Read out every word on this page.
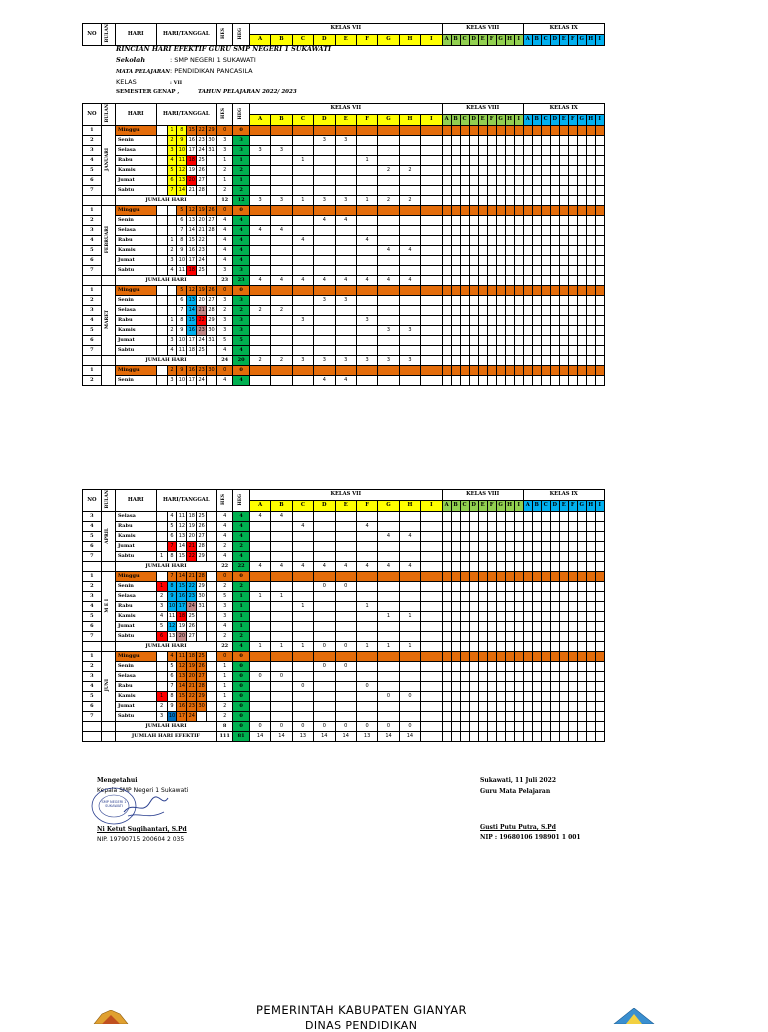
NO	BULAN	HARI	HARI/TANGGAL	HES	HEG	KELAS VII									KELAS VIII									KELAS IX								
						A	B	C	D	E	F	G	H	I	A	B	C	D	E	F	G	H	I	A	B	C	D	E	F	G	H	I
RINCIAN HARI EFEKTIF GURU SMP NEGERI 1 SUKAWATI
Sekolah	: SMP NEGERI 1 SUKAWATI
MATA PELAJARAN: PENDIDIKAN PANCASILA
KELAS	: VII
SEMESTER GENAP ,	TAHUN PELAJARAN 2022/ 2023
NO	BULAN	HARI	HARI/TANGGAL						HES	HEG	KELAS VII									KELAS VIII									KELAS IX								
											A	B	C	D	E	F	G	H	I	A	B	C	D	E	F	G	H	I	A	B	C	D	E	F	G	H	I
1	JANUARI	Minggu		1	8	15	22	29	0	0																											
2		Senin		2	9	16	23	30	3	3				3	3																						
3		Selasa		3	10	17	24	31	3	3	3	3																									
4		Rabu		4	11	18	25		1	1			1			1																					
5		Kamis		5	12	19	26		2	2							2	2																			
6		Jumat		6	13	20	27		1	1																											
7		Sabtu		7	14	21	28		2	2																											
		JUMLAH HARI							12	12	3	3	1	3	3	1	2	2																			
1	FEBRUARI	Minggu			5	12	19	26	0	0																											
2		Senin			6	13	20	27	4	4				4	4																						
3		Selasa			7	14	21	28	4	4	4	4																									
4		Rabu		1	8	15	22		4	4			4			4																					
5		Kamis		2	9	16	23		4	4							4	4																			
6		Jumat		3	10	17	24		4	4																											
7		Sabtu		4	11	18	25		3	3																											
		JUMLAH HARI							23	23	4	4	4	4	4	4	4	4																			
1	MARET	Minggu			5	12	19	26	0	0																											
2		Senin			6	13	20	27	3	3				3	3																						
3		Selasa			7	14	21	28	2	2	2	2																									
4		Rabu		1	8	15	22	29	3	3			3			3																					
5		Kamis		2	9	16	23	30	3	3							3	3																			
6		Jumat		3	10	17	24	31	5	5																											
7		Sabtu		4	11	18	25		4	4																											
		JUMLAH HARI							24	20	2	2	3	3	3	3	3	3																			
1		Minggu		2	9	16	23	30	0	0																											
2		Senin		3	10	17	24		4	4				4	4																						
NO	BULAN	HARI	HARI/TANGGAL						HES	HEG	KELAS VII									KELAS VIII									KELAS IX								
											A	B	C	D	E	F	G	H	I	A	B	C	D	E	F	G	H	I	A	B	C	D	E	F	G	H	I
3	APRIL	Selasa		4	11	18	25		4	4	4	4																									
4		Rabu		5	12	19	26		4	4			4			4																					
5		Kamis		6	13	20	27		4	4							4	4																			
6		Jumat		7	14	21	28		2	2																											
7		Sabtu	1	8	15	22	29		4	4																											
		JUMLAH HARI							22	22	4	4	4	4	4	4	4	4																			
1	M E I	Minggu		7	14	21	28		0	0																											
2		Senin	1	8	15	22	29		2	2				0	0																						
3		Selasa	2	9	16	23	30		5	1	1	1																									
4		Rabu	3	10	17	24	31		3	1			1			1																					
5		Kamis	4	11	18	25			3	1							1	1																			
6		Jumat	5	12	19	26			4	1																											
7		Sabtu	6	13	20	27			2	2																											
		JUMLAH HARI							22	4	1	1	1	0	0	1	1	1																			
1	JUNI	Minggu		4	11	18	25		0	0																											
2		Senin		5	12	19	26		1	0				0	0																						
3		Selasa		6	13	20	27		1	0	0	0																									
4		Rabu		7	14	21	28		1	0			0			0																					
5		Kamis	1	8	15	22	29		1	0							0	0																			
6		Jumat	2	9	16	23	30		2	0																											
7		Sabtu	3	10	17	24			2	0																											
		JUMLAH HARI							8	0	0	0	0	0	0	0	0	0																			
		JUMLAH HARI EFEKTIF							111	81	14	14	13	14	14	13	14	14																			
Mengetahui
Kepala SMP Negeri 1 Sukawati
Ni Ketut Sugihantari, S.Pd
NIP. 19790715 200604 2 035
SMP NEGERI 1 SUKAWATI
Sukawati, 11 Juli 2022
Guru Mata Pelajaran
Gusti Putu Putra, S.Pd
NIP : 19680106 198901 1 001
PEMERINTAH KABUPATEN GIANYAR
DINAS PENDIDIKAN
